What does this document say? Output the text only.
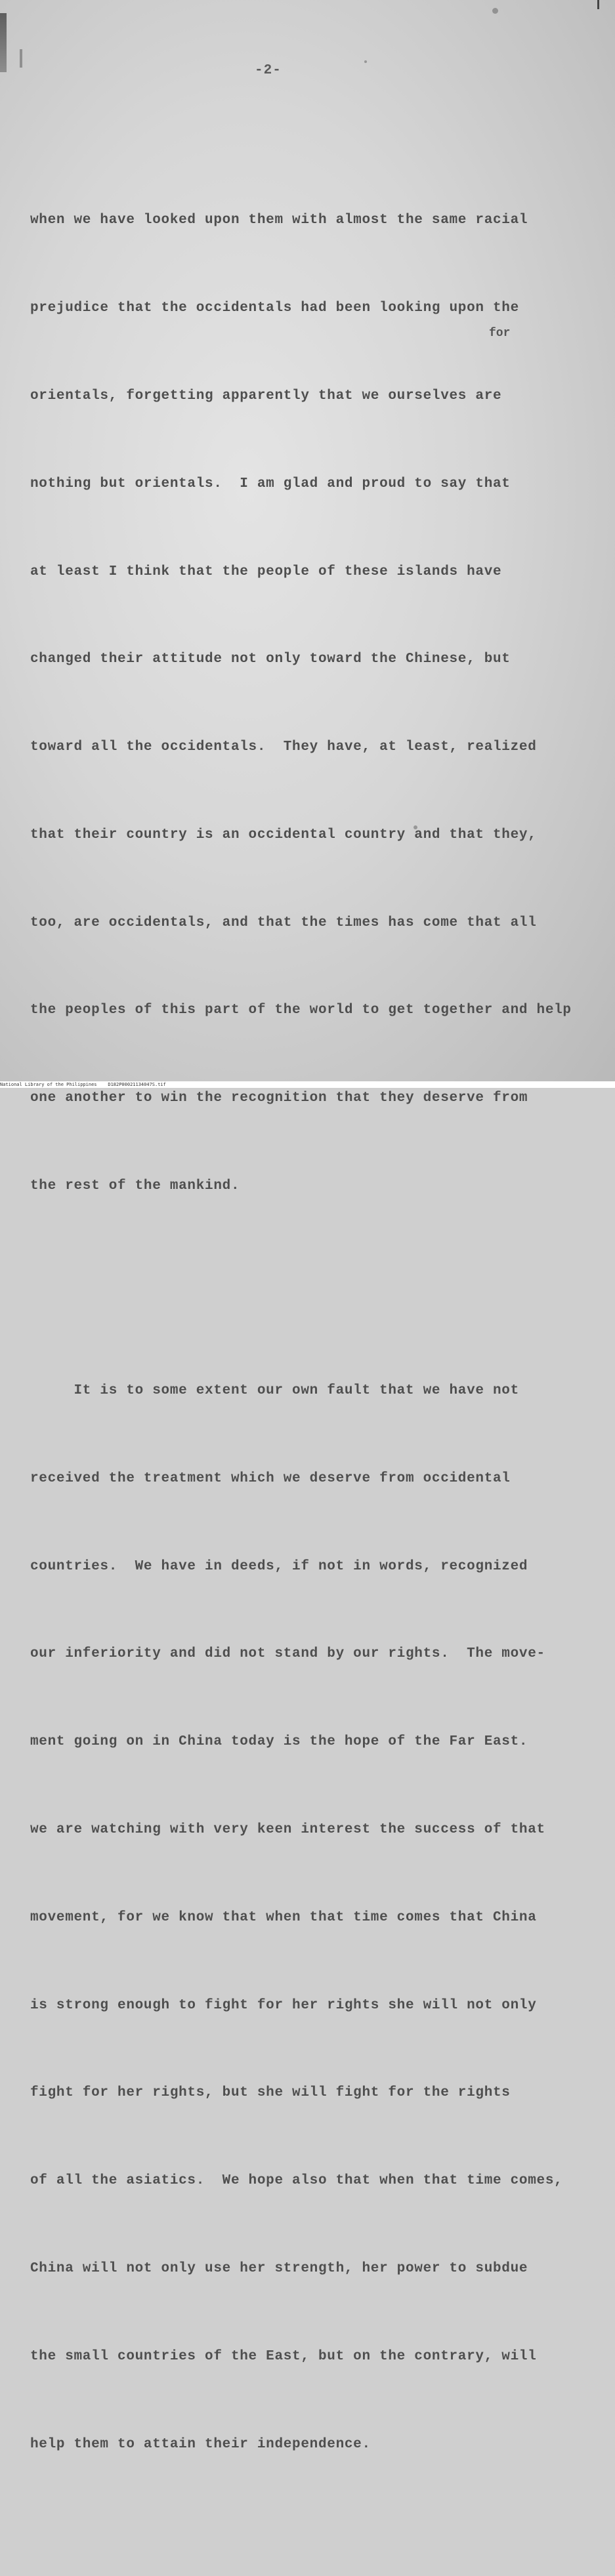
-2-
for

when we have looked upon them with almost the same racial

prejudice that the occidentals had been looking upon the

orientals, forgetting apparently that we ourselves are

nothing but orientals.  I am glad and proud to say that

at least I think that the people of these islands have

changed their attitude not only toward the Chinese, but

toward all the occidentals.  They have, at least, realized

that their country is an occidental country and that they,

too, are occidentals, and that the times has come that all

the peoples of this part of the world to get together and help

one another to win the recognition that they deserve from

the rest of the mankind.

It is to some extent our own fault that we have not

received the treatment which we deserve from occidental

countries.  We have in deeds, if not in words, recognized

our inferiority and did not stand by our rights.  The move-

ment going on in China today is the hope of the Far East.

we are watching with very keen interest the success of that

movement, for we know that when that time comes that China

is strong enough to fight for her rights she will not only

fight for her rights, but she will fight for the rights

of all the asiatics.  We hope also that when that time comes,

China will not only use her strength, her power to subdue

the small countries of the East, but on the contrary, will

help them to attain their independence.

National Library of the Philippines    D182P00021134047S.tif
